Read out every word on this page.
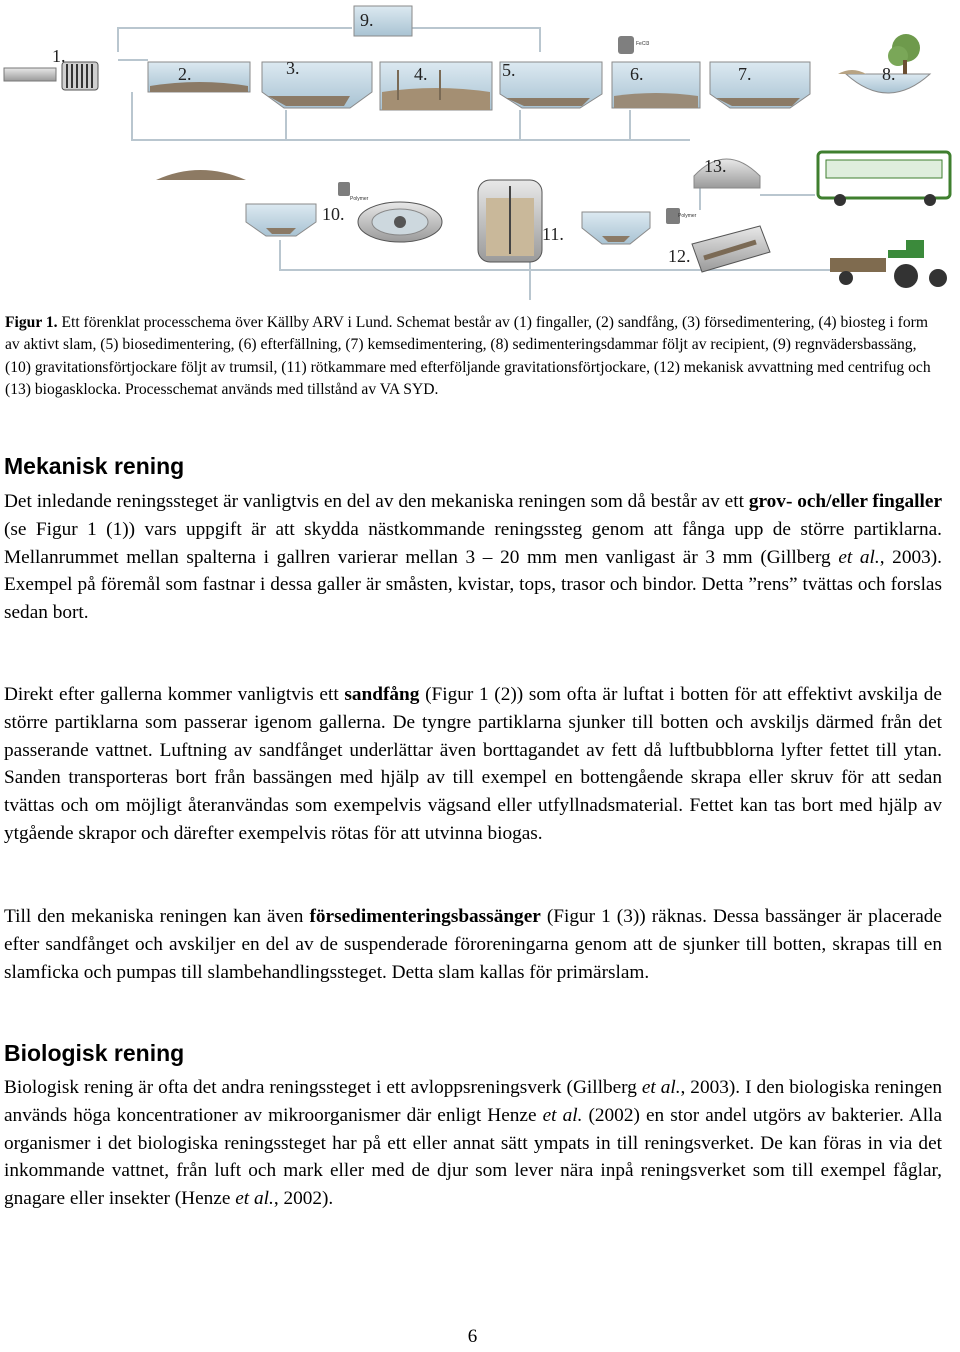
1.
2.	3.	4.	5.	6.	7.	8.
9.
10.
11.
12.
13.
Polymer
Polymer
FeCl3
Figur 1. Ett förenklat processchema över Källby ARV i Lund. Schemat består av (1) fingaller, (2) sandfång, (3) försedimentering, (4) biosteg i form av aktivt slam, (5) biosedimentering, (6) efterfällning, (7) kemsedimentering, (8) sedimenteringsdammar följt av recipient, (9) regnvädersbassäng, (10) gravitationsförtjockare följt av trumsil, (11) rötkammare med efterföljande gravitationsförtjockare, (12) mekanisk avvattning med centrifug och (13) biogasklocka. Processchemat används med tillstånd av VA SYD.
Mekanisk rening

Det inledande reningssteget är vanligtvis en del av den mekaniska reningen som då består av ett grov- och/eller fingaller (se Figur 1 (1)) vars uppgift är att skydda nästkommande reningssteg genom att fånga upp de större partiklarna. Mellanrummet mellan spalterna i gallren varierar mellan 3 – 20 mm men vanligast är 3 mm (Gillberg et al., 2003). Exempel på föremål som fastnar i dessa galler är småsten, kvistar, tops, trasor och bindor. Detta ”rens” tvättas och forslas sedan bort.

Direkt efter gallerna kommer vanligtvis ett sandfång (Figur 1 (2)) som ofta är luftat i botten för att effektivt avskilja de större partiklarna som passerar igenom gallerna. De tyngre partiklarna sjunker till botten och avskiljs därmed från det passerande vattnet. Luftning av sandfånget underlättar även borttagandet av fett då luftbubblorna lyfter fettet till ytan. Sanden transporteras bort från bassängen med hjälp av till exempel en bottengående skrapa eller skruv för att sedan tvättas och om möjligt återanvändas som exempelvis vägsand eller utfyllnadsmaterial. Fettet kan tas bort med hjälp av ytgående skrapor och därefter exempelvis rötas för att utvinna biogas.

Till den mekaniska reningen kan även försedimenteringsbassänger (Figur 1 (3)) räknas. Dessa bassänger är placerade efter sandfånget och avskiljer en del av de suspenderade föroreningarna genom att de sjunker till botten, skrapas till en slamficka och pumpas till slambehandlingssteget. Detta slam kallas för primärslam.

Biologisk rening

Biologisk rening är ofta det andra reningssteget i ett avloppsreningsverk (Gillberg et al., 2003). I den biologiska reningen används höga koncentrationer av mikroorganismer där enligt Henze et al. (2002) en stor andel utgörs av bakterier. Alla organismer i det biologiska reningssteget har på ett eller annat sätt ympats in till reningsverket. De kan föras in via det inkommande vattnet, från luft och mark eller med de djur som lever nära inpå reningsverket som till exempel fåglar, gnagare eller insekter (Henze et al., 2002).

6
